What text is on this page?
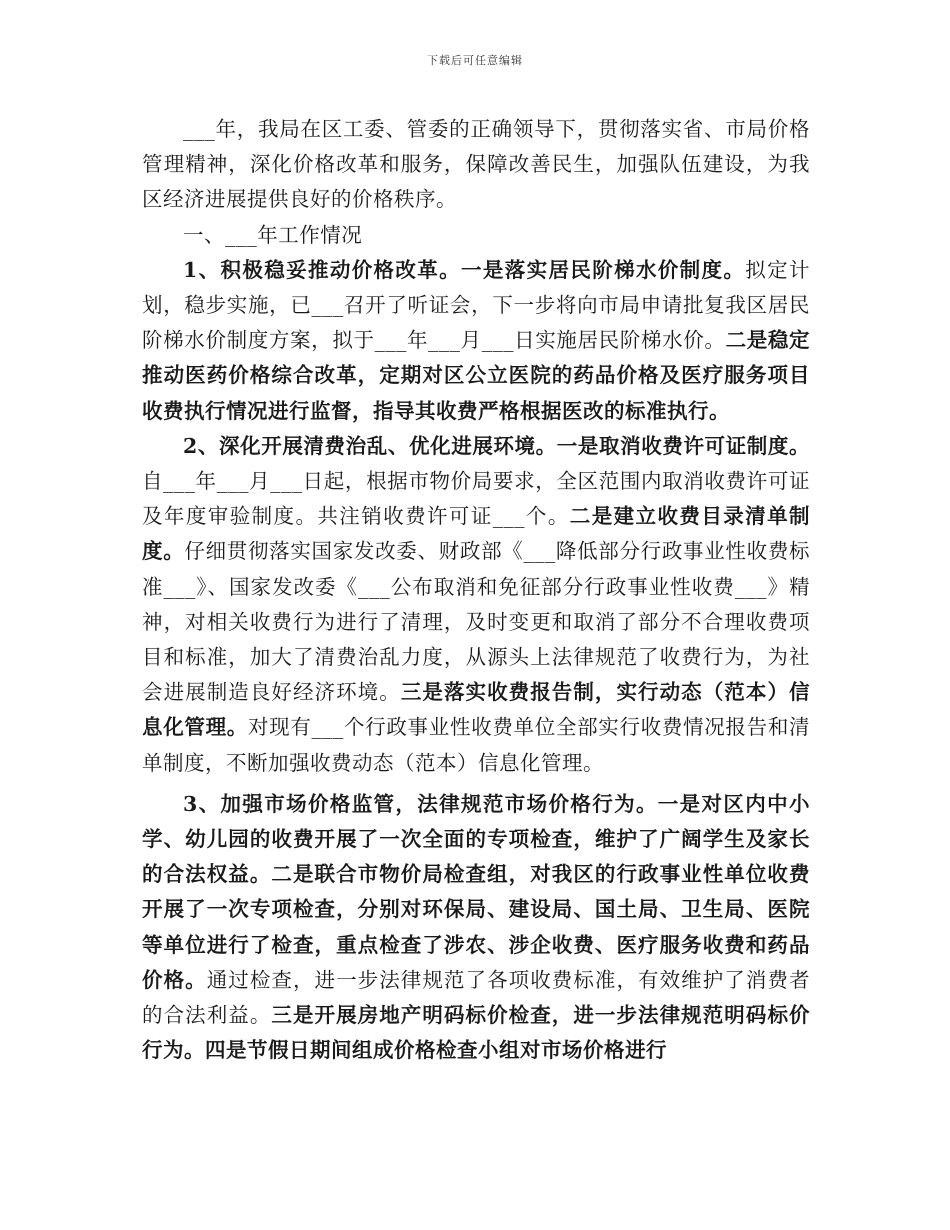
下载后可任意编辑

___年，我局在区工委、管委的正确领导下，贯彻落实省、市局价格管理精神，深化价格改革和服务，保障改善民生，加强队伍建设，为我区经济进展提供良好的价格秩序。

一、___年工作情况

1、积极稳妥推动价格改革。一是落实居民阶梯水价制度。拟定计划，稳步实施，已___召开了听证会，下一步将向市局申请批复我区居民阶梯水价制度方案，拟于___年___月___日实施居民阶梯水价。二是稳定推动医药价格综合改革，定期对区公立医院的药品价格及医疗服务项目收费执行情况进行监督，指导其收费严格根据医改的标准执行。

2、深化开展清费治乱、优化进展环境。一是取消收费许可证制度。自___年___月___日起，根据市物价局要求，全区范围内取消收费许可证及年度审验制度。共注销收费许可证___个。二是建立收费目录清单制度。仔细贯彻落实国家发改委、财政部《___降低部分行政事业性收费标准___》、国家发改委《___公布取消和免征部分行政事业性收费___》精神，对相关收费行为进行了清理，及时变更和取消了部分不合理收费项目和标准，加大了清费治乱力度，从源头上法律规范了收费行为，为社会进展制造良好经济环境。三是落实收费报告制，实行动态（范本）信息化管理。对现有___个行政事业性收费单位全部实行收费情况报告和清单制度，不断加强收费动态（范本）信息化管理。

3、加强市场价格监管，法律规范市场价格行为。一是对区内中小学、幼儿园的收费开展了一次全面的专项检查，维护了广阔学生及家长的合法权益。二是联合市物价局检查组，对我区的行政事业性单位收费开展了一次专项检查，分别对环保局、建设局、国土局、卫生局、医院等单位进行了检查，重点检查了涉农、涉企收费、医疗服务收费和药品价格。通过检查，进一步法律规范了各项收费标准，有效维护了消费者的合法利益。三是开展房地产明码标价检查，进一步法律规范明码标价行为。四是节假日期间组成价格检查小组对市场价格进行
